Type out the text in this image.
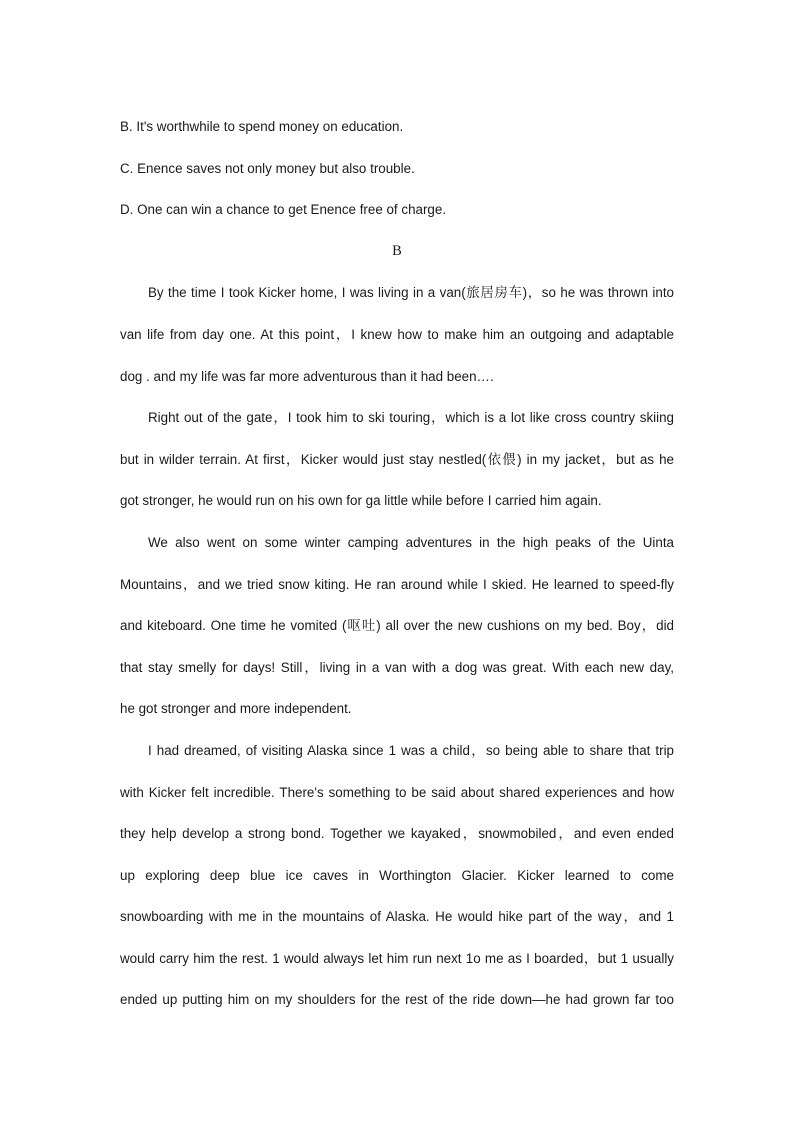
B. It's worthwhile to spend money on education.
C. Enence saves not only money but also trouble.
D. One can win a chance to get Enence free of charge.
B
By the time I took Kicker home, I was living in a van(旅居房车)，so he was thrown into
van life from day one. At this point，I knew how to make him an outgoing and adaptable
dog . and my life was far more adventurous than it had been….
Right out of the gate，I took him to ski touring，which is a lot like cross country skiing
but in wilder terrain. At first，Kicker would just stay nestled(依偎) in my jacket，but as he
got stronger, he would run on his own for ga little while before I carried him again.
We also went on some winter camping adventures in the high peaks of the Uinta
Mountains，and we tried snow kiting. He ran around while I skied. He learned to speed-fly
and kiteboard. One time he vomited (呕吐) all over the new cushions on my bed. Boy，did
that stay smelly for days! Still，living in a van with a dog was great. With each new day,
he got stronger and more independent.
I had dreamed, of visiting Alaska since 1 was a child，so being able to share that trip
with Kicker felt incredible. There's something to be said about shared experiences and how
they help develop a strong bond. Together we kayaked，snowmobiled，and even ended
up exploring deep blue ice caves in Worthington Glacier. Kicker learned to come
snowboarding with me in the mountains of Alaska. He would hike part of the way，and 1
would carry him the rest. 1 would always let him run next 1o me as I boarded，but 1 usually
ended up putting him on my shoulders for the rest of the ride down—he had grown far too
